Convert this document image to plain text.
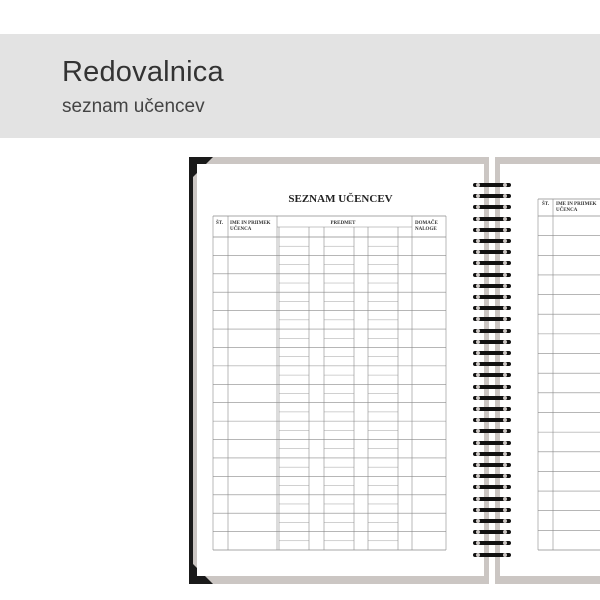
Redovalnica
seznam učencev
SEZNAM UČENCEV
ŠT. IME IN PRIIMEK UČENCA
PREDMET	DOMAČE NALOGE
ŠT. IME IN PRIIMEK UČENCA
